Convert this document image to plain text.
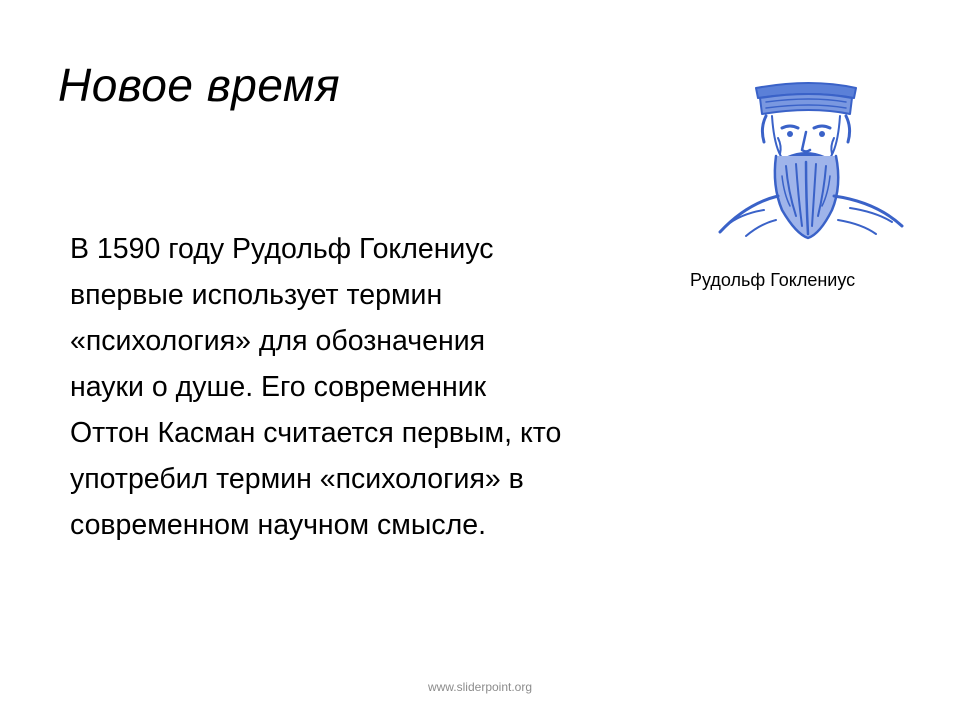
Новое время
В 1590 году Рудольф Гоклениус
впервые использует термин
«психология» для обозначения
науки о душе. Его современник
Оттон Касман считается первым, кто
употребил термин «психология» в
современном научном смысле.
Рудольф Гоклениус
www.sliderpoint.org
